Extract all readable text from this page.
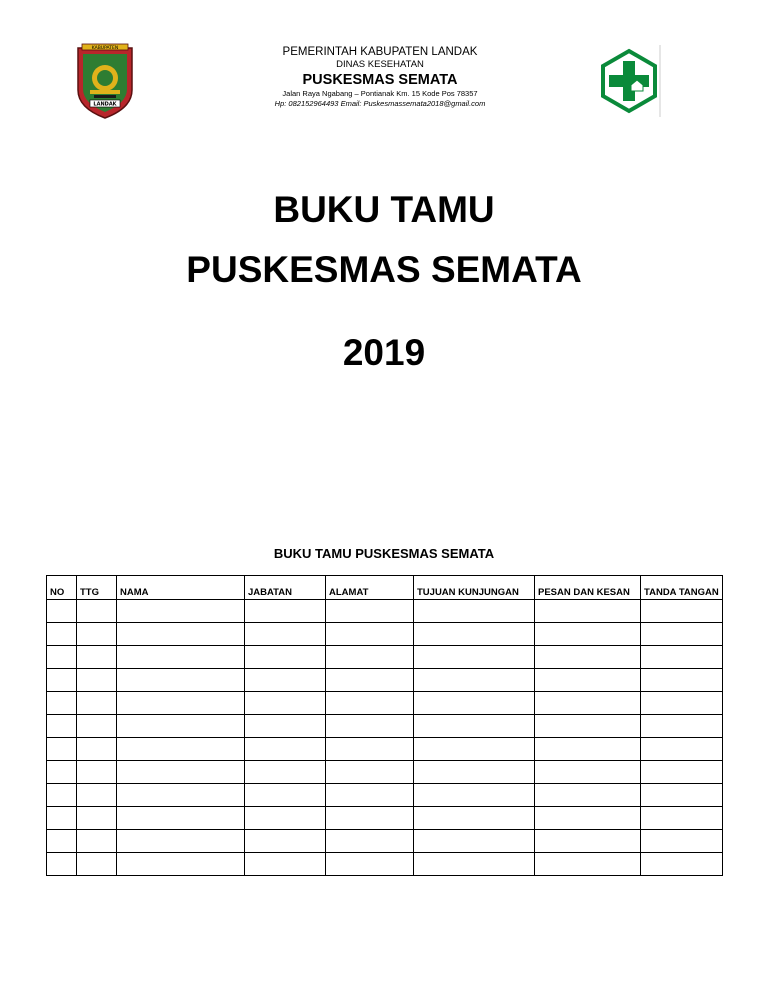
KABUPATEN
LANDAK
PEMERINTAH KABUPATEN LANDAK
DINAS KESEHATAN
PUSKESMAS SEMATA
Jalan Raya Ngabang – Pontianak Km. 15 Kode Pos 78357
Hp: 082152964493 Email: Puskesmassemata2018@gmail.com
BUKU TAMU
PUSKESMAS SEMATA
2019
BUKU TAMU PUSKESMAS SEMATA
NO	TTG	NAMA	JABATAN	ALAMAT	TUJUAN KUNJUNGAN	PESAN DAN KESAN	TANDA TANGAN
